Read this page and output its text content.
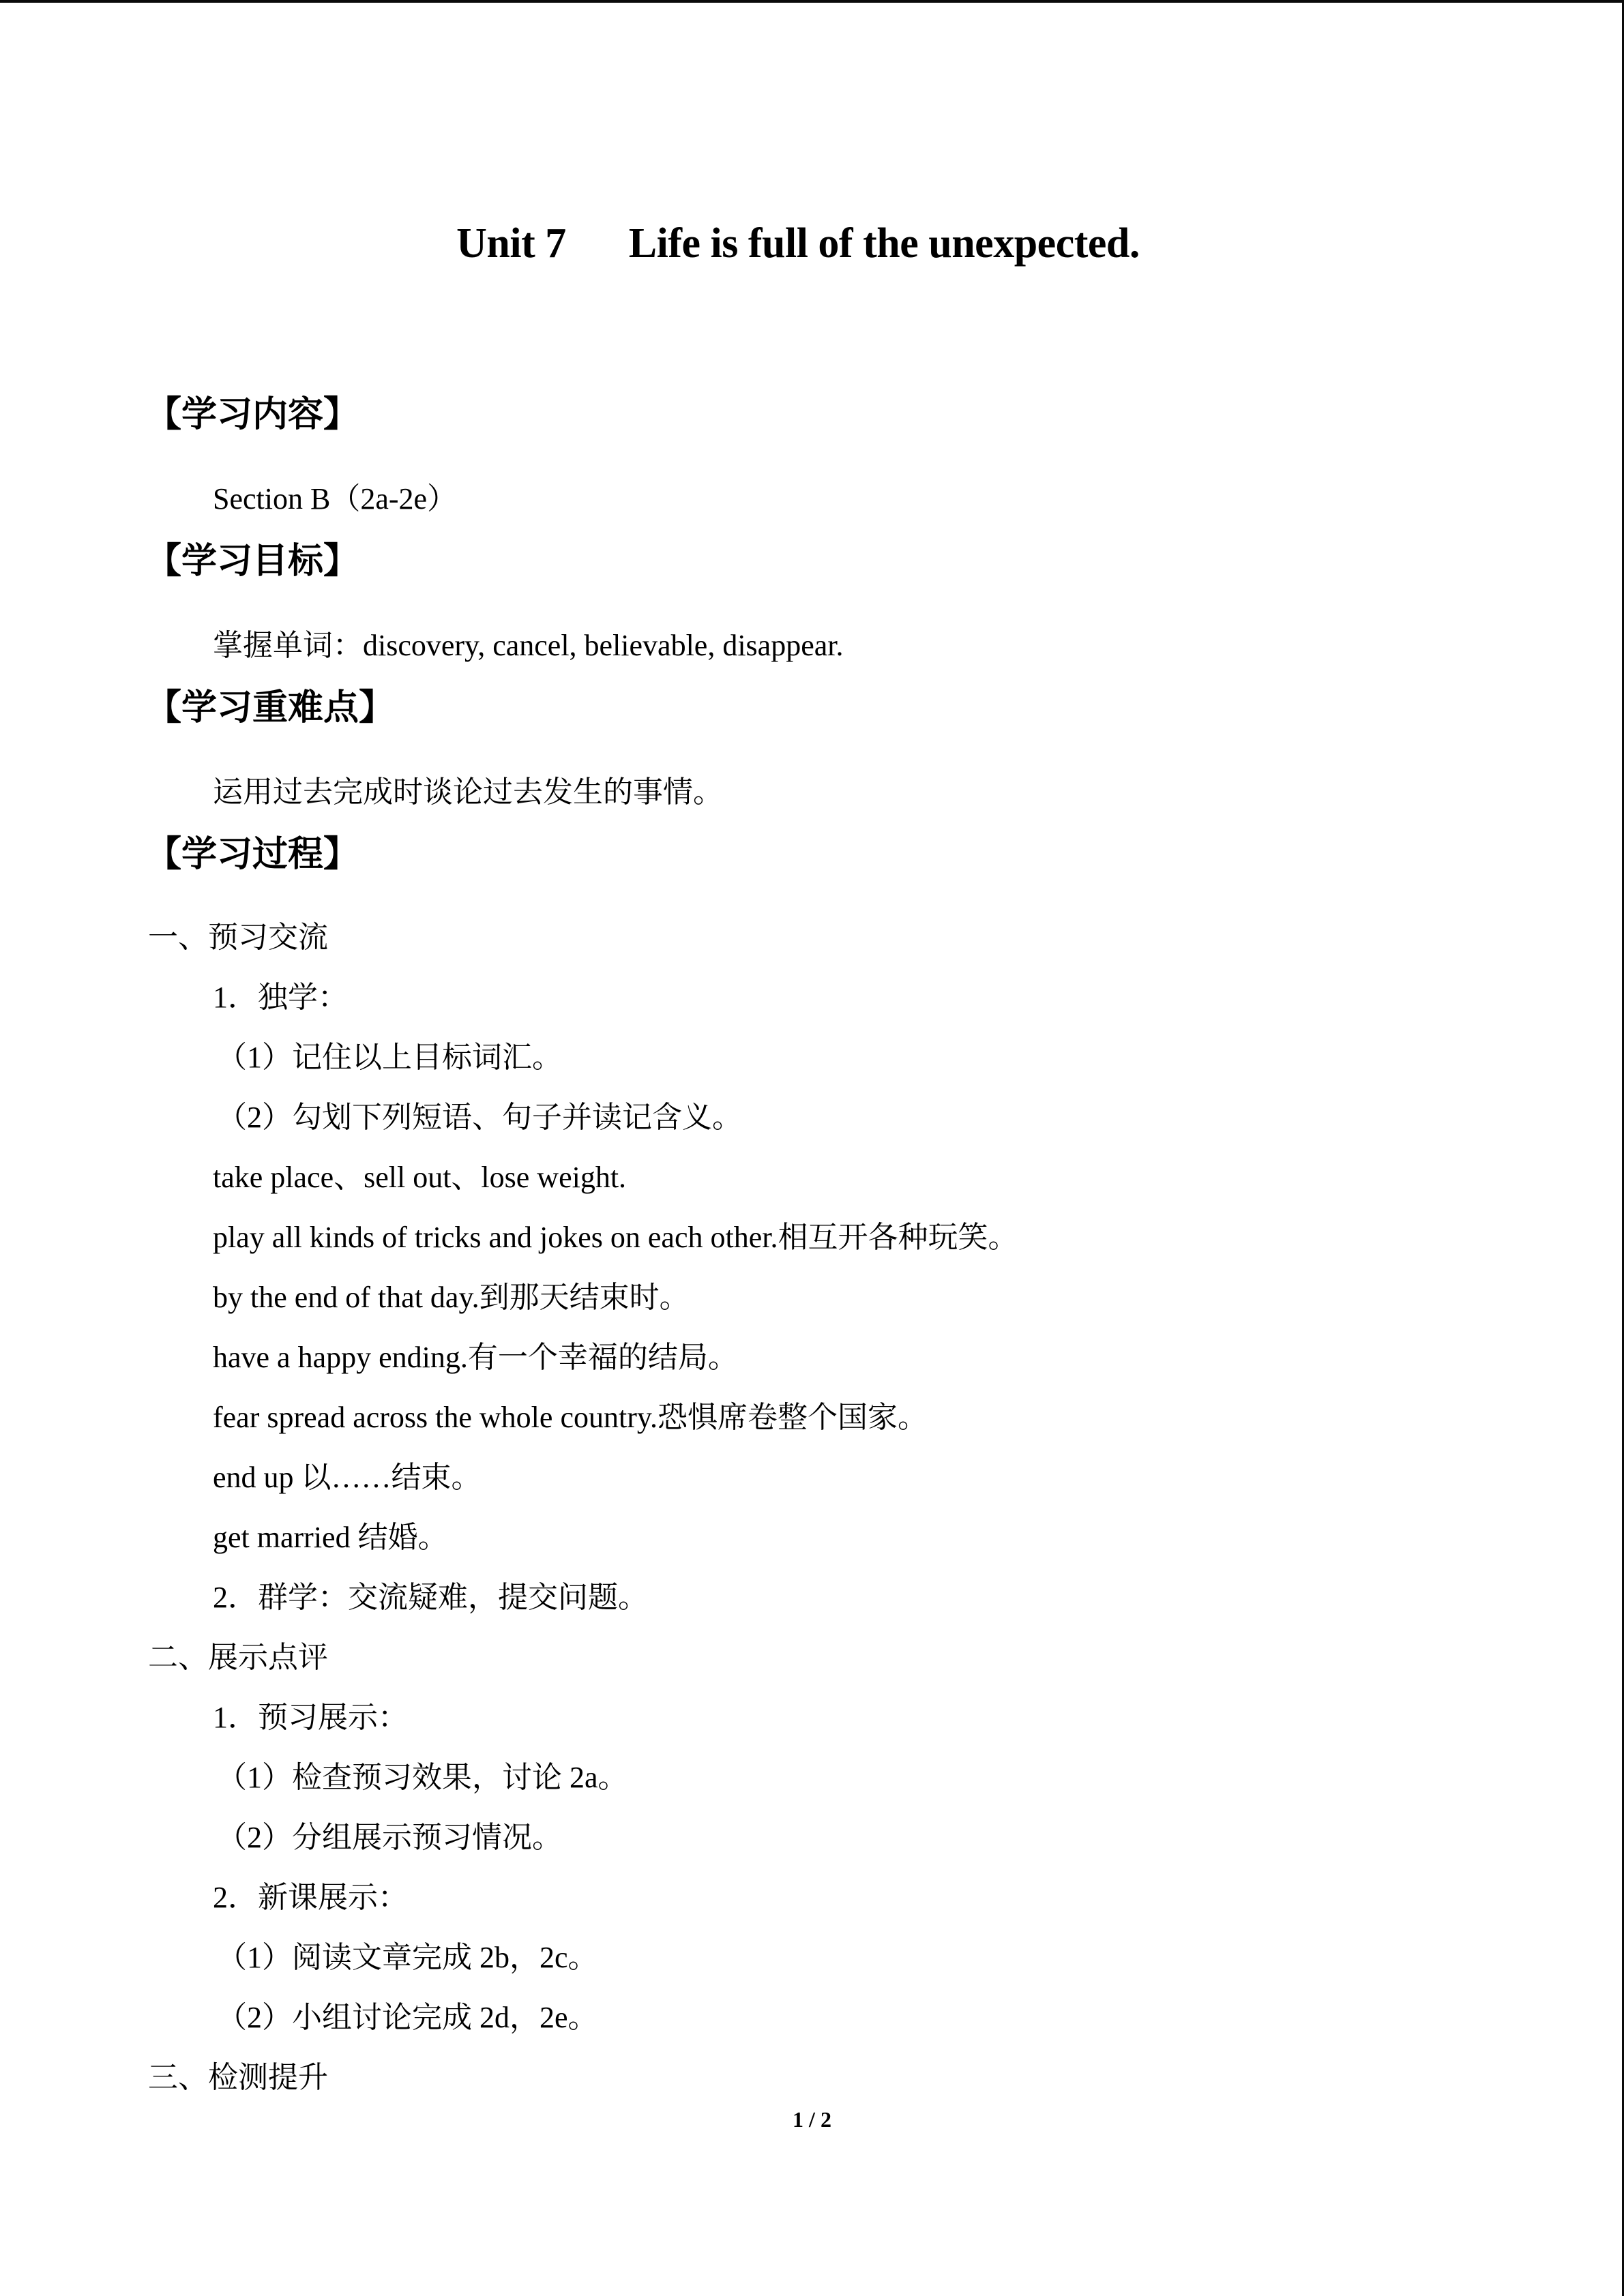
Unit 7 Life is full of the unexpected.
【学习内容】
Section B（2a-2e）
【学习目标】
掌握单词：discovery, cancel, believable, disappear.
【学习重难点】
运用过去完成时谈论过去发生的事情。
【学习过程】
一、预习交流
1．独学：
（1）记住以上目标词汇。
（2）勾划下列短语、句子并读记含义。
take place、sell out、lose weight.
play all kinds of tricks and jokes on each other.相互开各种玩笑。
by the end of that day.到那天结束时。
have a happy ending.有一个幸福的结局。
fear spread across the whole country.恐惧席卷整个国家。
end up 以……结束。
get married 结婚。
2．群学：交流疑难，提交问题。
二、展示点评
1．预习展示：
（1）检查预习效果，讨论 2a。
（2）分组展示预习情况。
2．新课展示：
（1）阅读文章完成 2b，2c。
（2）小组讨论完成 2d，2e。
三、检测提升
1 / 2
